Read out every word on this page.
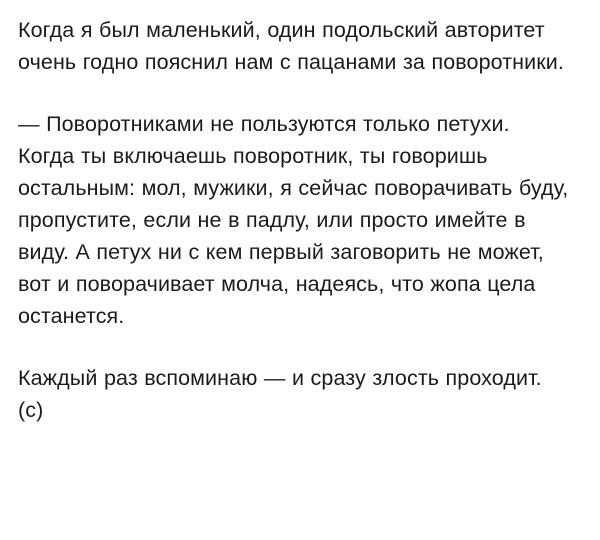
Когда я был маленький, один подольский авторитет очень годно пояснил нам с пацанами за поворотники.

— Поворотниками не пользуются только петухи. Когда ты включаешь поворотник, ты говоришь остальным: мол, мужики, я сейчас поворачивать буду, пропустите, если не в падлу, или просто имейте в виду. А петух ни с кем первый заговорить не может, вот и поворачивает молча, надеясь, что жопа цела останется.

Каждый раз вспоминаю — и сразу злость проходит. (с)
